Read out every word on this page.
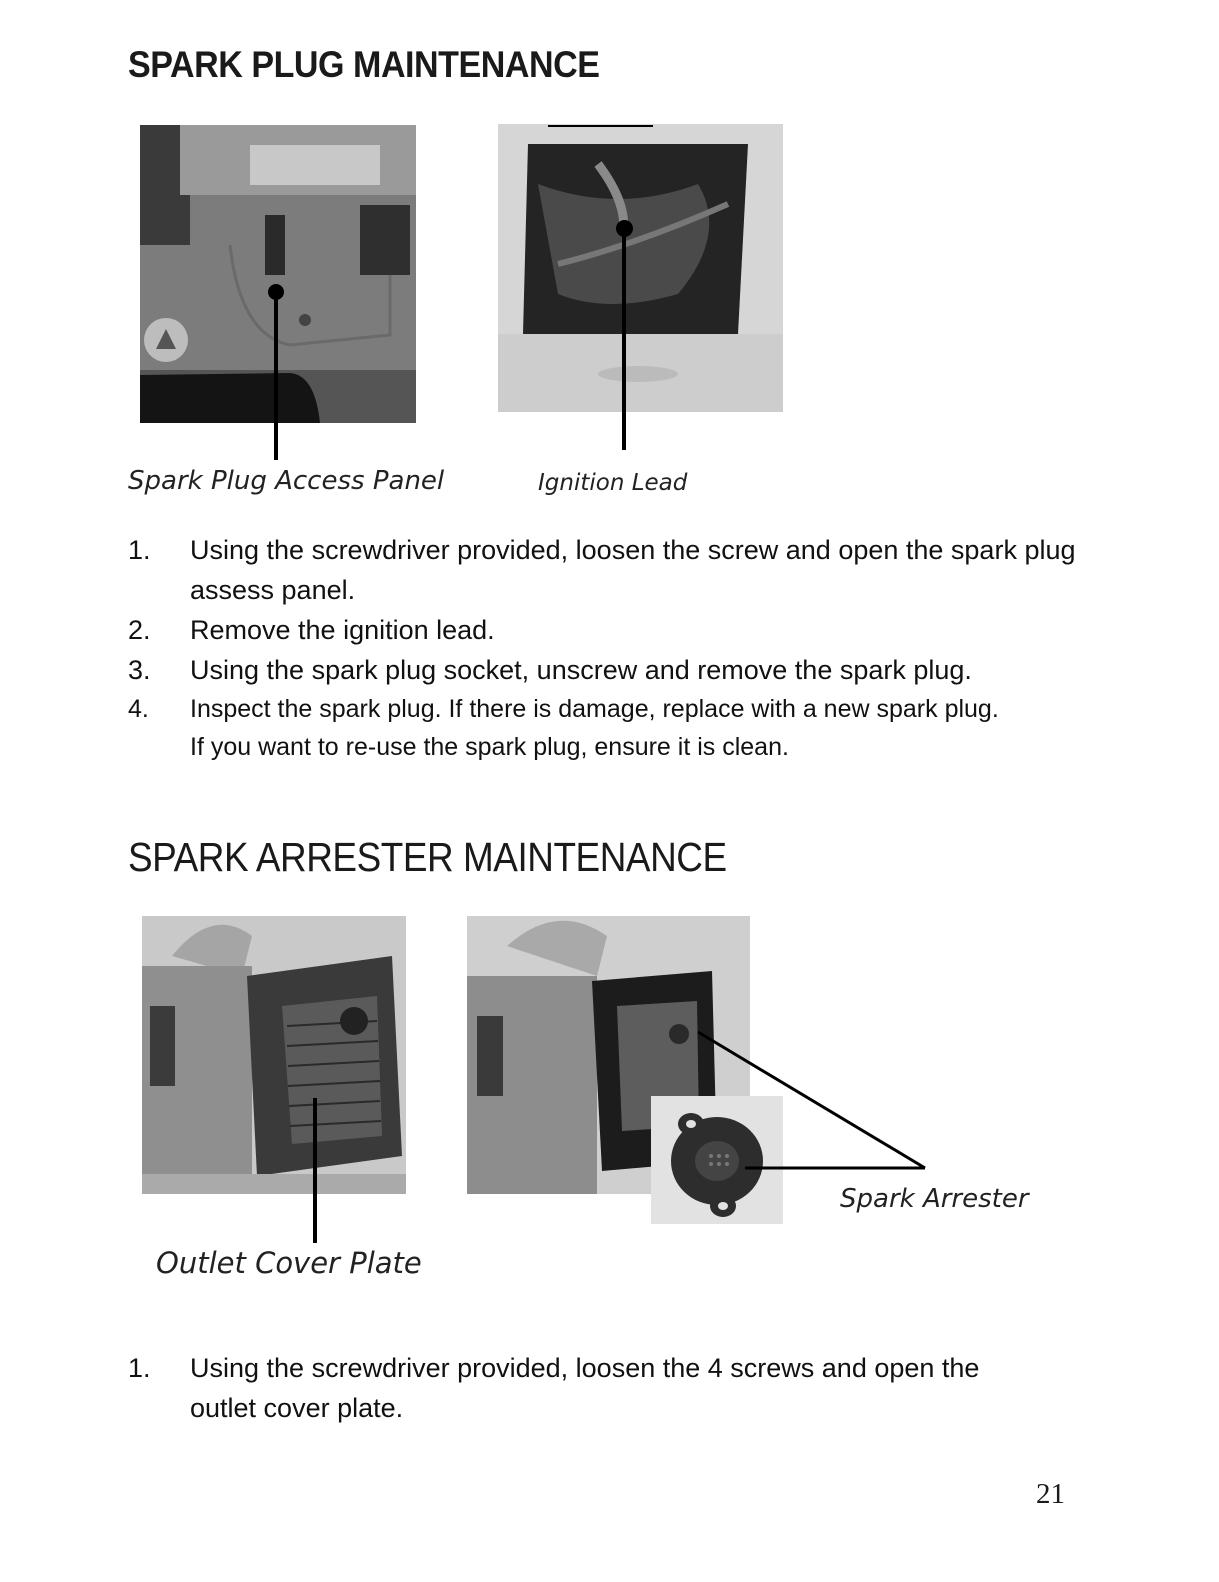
SPARK PLUG MAINTENANCE
Spark Plug Access Panel	Ignition Lead
1. Using the screwdriver provided, loosen the screw and open the spark plug assess panel.
2. Remove the ignition lead.
3. Using the spark plug socket, unscrew and remove the spark plug.
4. Inspect the spark plug. If there is damage, replace with a new spark plug. If you want to re-use the spark plug, ensure it is clean.
SPARK ARRESTER MAINTENANCE
Outlet Cover Plate
Spark Arrester
1. Using the screwdriver provided, loosen the 4 screws and open the outlet cover plate.
21
